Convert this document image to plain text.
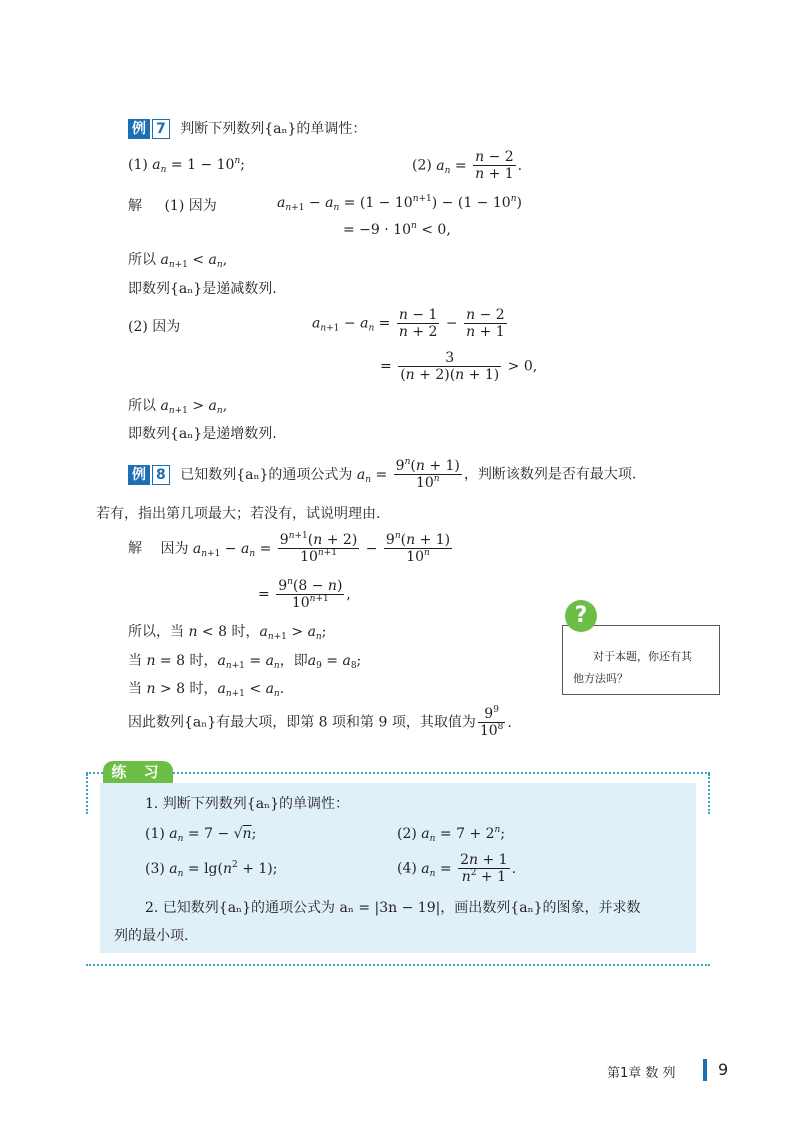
例 7 判断下列数列{aₙ}的单调性：
(1) $a_n = 1 - 10^n$;	(2) $a_n = \frac{n - 2}{n + 1}$ .
解 (1) 因为	$a_{n+1} - a_n = (1 - 10^{n+1}) - (1 - 10^n)$
= $-9 \cdot 10^n < 0$,
所以 $a_{n+1} < a_n$,
即数列{aₙ}是递减数列.
(2) 因为	$a_{n+1} - a_n = \frac{n - 1}{n + 2} - \frac{n - 2}{n + 1}$
= $\frac{3}{(n + 2)(n + 1)} > 0$,
所以 $a_{n+1} > a_n$,
即数列{aₙ}是递增数列.
例 8 已知数列{aₙ}的通项公式为 $a_n = \frac{9^n(n + 1)}{10^n}$ ，判断该数列是否有最大项.
若有，指出第几项最大；若没有，试说明理由.
解 因为 $a_{n+1} - a_n = \frac{9^{n+1}(n + 2)}{10^{n+1}} - \frac{9^n(n + 1)}{10^n}$
= $\frac{9^n(8 - n)}{10^{n+1}}$ ,
所以，当 n < 8 时，$a_{n+1} > a_n$;
当 n = 8 时，$a_{n+1} = a_n$，即$a_9 = a_8$;
当 n > 8 时，$a_{n+1} < a_n$.
因此数列{aₙ}有最大项，即第 8 项和第 9 项，其取值为 $\frac{9^9}{10^8}$ .
对于本题，你还有其
他方法吗？
?
练 习
1. 判断下列数列{aₙ}的单调性：
(1) $a_n = 7 - √n$;	(2) $a_n = 7 + 2^n$;
(3) $a_n = \lg(n^2 + 1)$;	(4) $a_n = \frac{2n + 1}{n^2 + 1}$ .
2. 已知数列{aₙ}的通项公式为 aₙ = |3n − 19|，画出数列{aₙ}的图象，并求数
列的最小项.
第1章 数 列	9
